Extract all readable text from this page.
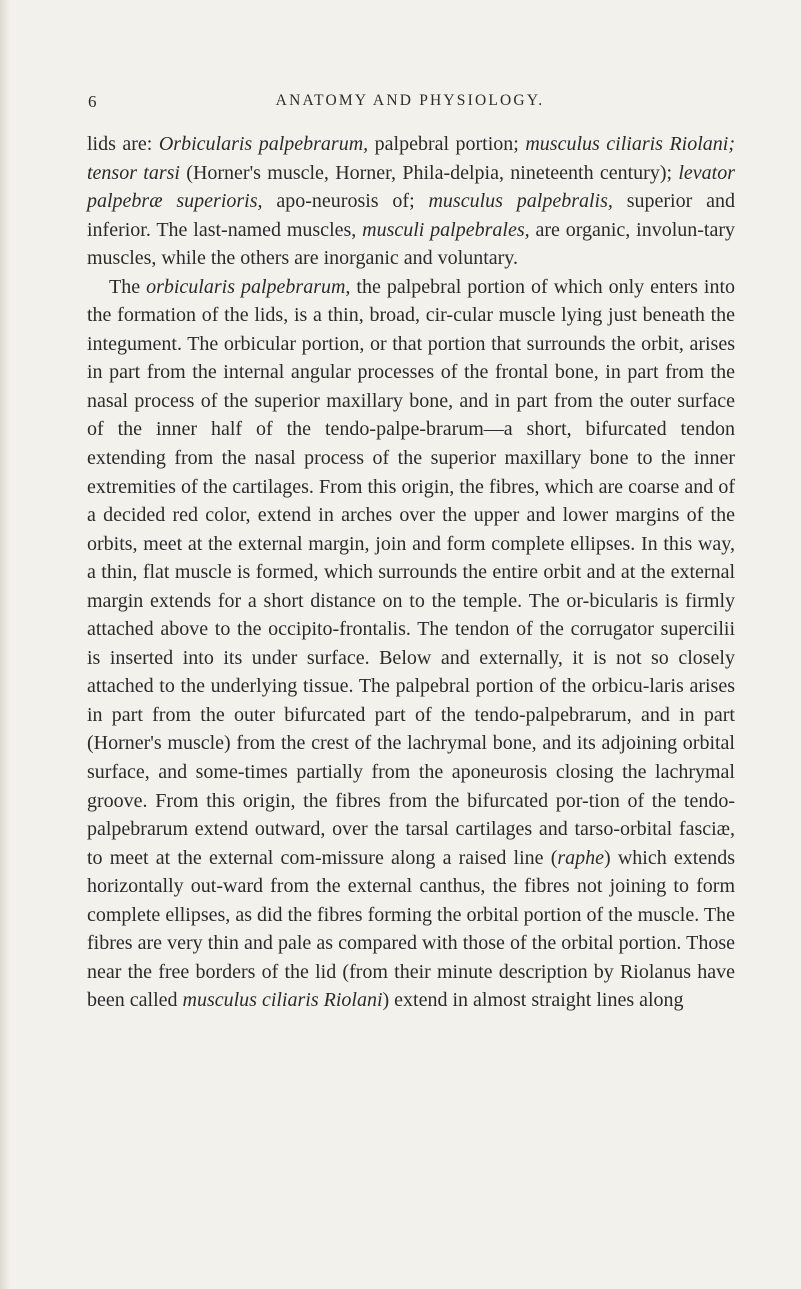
6	ANATOMY AND PHYSIOLOGY.

lids are: Orbicularis palpebrarum, palpebral portion; musculus ciliaris Riolani; tensor tarsi (Horner's muscle, Horner, Phila-delpia, nineteenth century); levator palpebræ superioris, apo-neurosis of; musculus palpebralis, superior and inferior. The last-named muscles, musculi palpebrales, are organic, involun-tary muscles, while the others are inorganic and voluntary.

The orbicularis palpebrarum, the palpebral portion of which only enters into the formation of the lids, is a thin, broad, cir-cular muscle lying just beneath the integument. The orbicular portion, or that portion that surrounds the orbit, arises in part from the internal angular processes of the frontal bone, in part from the nasal process of the superior maxillary bone, and in part from the outer surface of the inner half of the tendo-palpe-brarum—a short, bifurcated tendon extending from the nasal process of the superior maxillary bone to the inner extremities of the cartilages. From this origin, the fibres, which are coarse and of a decided red color, extend in arches over the upper and lower margins of the orbits, meet at the external margin, join and form complete ellipses. In this way, a thin, flat muscle is formed, which surrounds the entire orbit and at the external margin extends for a short distance on to the temple. The or-bicularis is firmly attached above to the occipito-frontalis. The tendon of the corrugator supercilii is inserted into its under surface. Below and externally, it is not so closely attached to the underlying tissue. The palpebral portion of the orbicu-laris arises in part from the outer bifurcated part of the tendo-palpebrarum, and in part (Horner's muscle) from the crest of the lachrymal bone, and its adjoining orbital surface, and some-times partially from the aponeurosis closing the lachrymal groove. From this origin, the fibres from the bifurcated por-tion of the tendo-palpebrarum extend outward, over the tarsal cartilages and tarso-orbital fasciæ, to meet at the external com-missure along a raised line (raphe) which extends horizontally out-ward from the external canthus, the fibres not joining to form complete ellipses, as did the fibres forming the orbital portion of the muscle. The fibres are very thin and pale as compared with those of the orbital portion. Those near the free borders of the lid (from their minute description by Riolanus have been called musculus ciliaris Riolani) extend in almost straight lines along
